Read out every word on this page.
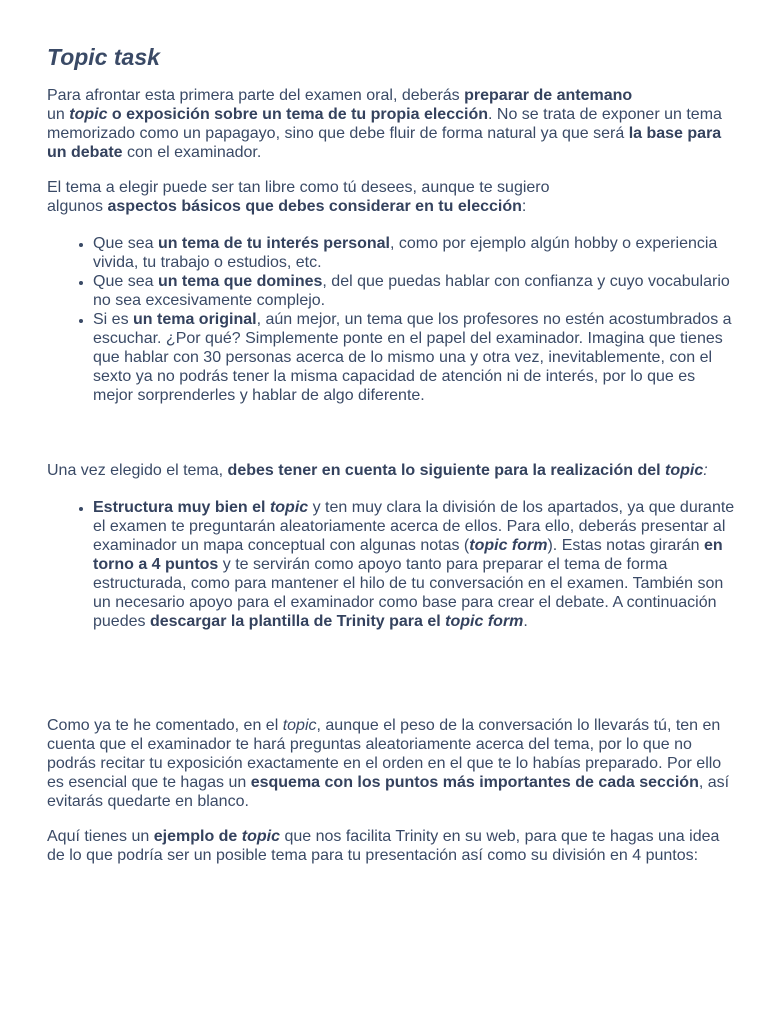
Topic task

Para afrontar esta primera parte del examen oral, deberás preparar de antemano
un topic o exposición sobre un tema de tu propia elección. No se trata de exponer un tema memorizado como un papagayo, sino que debe fluir de forma natural ya que será la base para un debate con el examinador.

El tema a elegir puede ser tan libre como tú desees, aunque te sugiero algunos aspectos básicos que debes considerar en tu elección:

• Que sea un tema de tu interés personal, como por ejemplo algún hobby o experiencia vivida, tu trabajo o estudios, etc.
• Que sea un tema que domines, del que puedas hablar con confianza y cuyo vocabulario no sea excesivamente complejo.
• Si es un tema original, aún mejor, un tema que los profesores no estén acostumbrados a escuchar. ¿Por qué? Simplemente ponte en el papel del examinador. Imagina que tienes que hablar con 30 personas acerca de lo mismo una y otra vez, inevitablemente, con el sexto ya no podrás tener la misma capacidad de atención ni de interés, por lo que es mejor sorprenderles y hablar de algo diferente.

Una vez elegido el tema, debes tener en cuenta lo siguiente para la realización del topic:

• Estructura muy bien el topic y ten muy clara la división de los apartados, ya que durante el examen te preguntarán aleatoriamente acerca de ellos. Para ello, deberás presentar al examinador un mapa conceptual con algunas notas (topic form). Estas notas girarán en torno a 4 puntos y te servirán como apoyo tanto para preparar el tema de forma estructurada, como para mantener el hilo de tu conversación en el examen. También son un necesario apoyo para el examinador como base para crear el debate. A continuación puedes descargar la plantilla de Trinity para el topic form.

Como ya te he comentado, en el topic, aunque el peso de la conversación lo llevarás tú, ten en cuenta que el examinador te hará preguntas aleatoriamente acerca del tema, por lo que no podrás recitar tu exposición exactamente en el orden en el que te lo habías preparado. Por ello es esencial que te hagas un esquema con los puntos más importantes de cada sección, así evitarás quedarte en blanco.

Aquí tienes un ejemplo de topic que nos facilita Trinity en su web, para que te hagas una idea de lo que podría ser un posible tema para tu presentación así como su división en 4 puntos:
